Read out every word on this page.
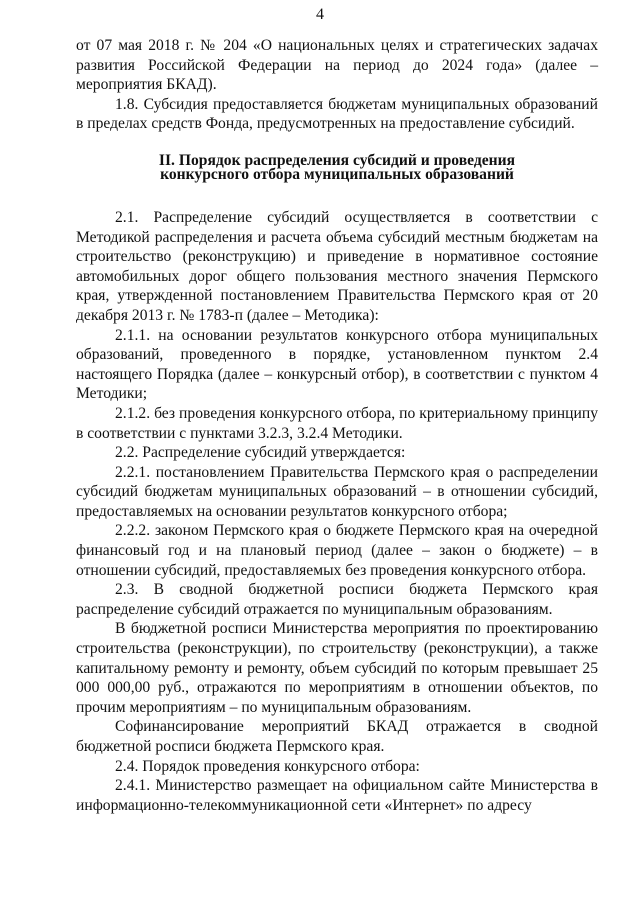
4

от 07 мая 2018 г. № 204 «О национальных целях и стратегических задачах развития Российской Федерации на период до 2024 года» (далее – мероприятия БКАД).

1.8. Субсидия предоставляется бюджетам муниципальных образований в пределах средств Фонда, предусмотренных на предоставление субсидий.

II. Порядок распределения субсидий и проведения
конкурсного отбора муниципальных образований

2.1. Распределение субсидий осуществляется в соответствии с Методикой распределения и расчета объема субсидий местным бюджетам на строительство (реконструкцию) и приведение в нормативное состояние автомобильных дорог общего пользования местного значения Пермского края, утвержденной постановлением Правительства Пермского края от 20 декабря 2013 г. № 1783-п (далее – Методика):

2.1.1. на основании результатов конкурсного отбора муниципальных образований, проведенного в порядке, установленном пунктом 2.4 настоящего Порядка (далее – конкурсный отбор), в соответствии с пунктом 4 Методики;

2.1.2. без проведения конкурсного отбора, по критериальному принципу в соответствии с пунктами 3.2.3, 3.2.4 Методики.

2.2. Распределение субсидий утверждается:

2.2.1. постановлением Правительства Пермского края о распределении субсидий бюджетам муниципальных образований – в отношении субсидий, предоставляемых на основании результатов конкурсного отбора;

2.2.2. законом Пермского края о бюджете Пермского края на очередной финансовый год и на плановый период (далее – закон о бюджете) – в отношении субсидий, предоставляемых без проведения конкурсного отбора.

2.3. В сводной бюджетной росписи бюджета Пермского края распределение субсидий отражается по муниципальным образованиям.

В бюджетной росписи Министерства мероприятия по проектированию строительства (реконструкции), по строительству (реконструкции), а также капитальному ремонту и ремонту, объем субсидий по которым превышает 25 000 000,00 руб., отражаются по мероприятиям в отношении объектов, по прочим мероприятиям – по муниципальным образованиям.

Софинансирование мероприятий БКАД отражается в сводной бюджетной росписи бюджета Пермского края.

2.4. Порядок проведения конкурсного отбора:

2.4.1. Министерство размещает на официальном сайте Министерства в информационно-телекоммуникационной сети «Интернет» по адресу
